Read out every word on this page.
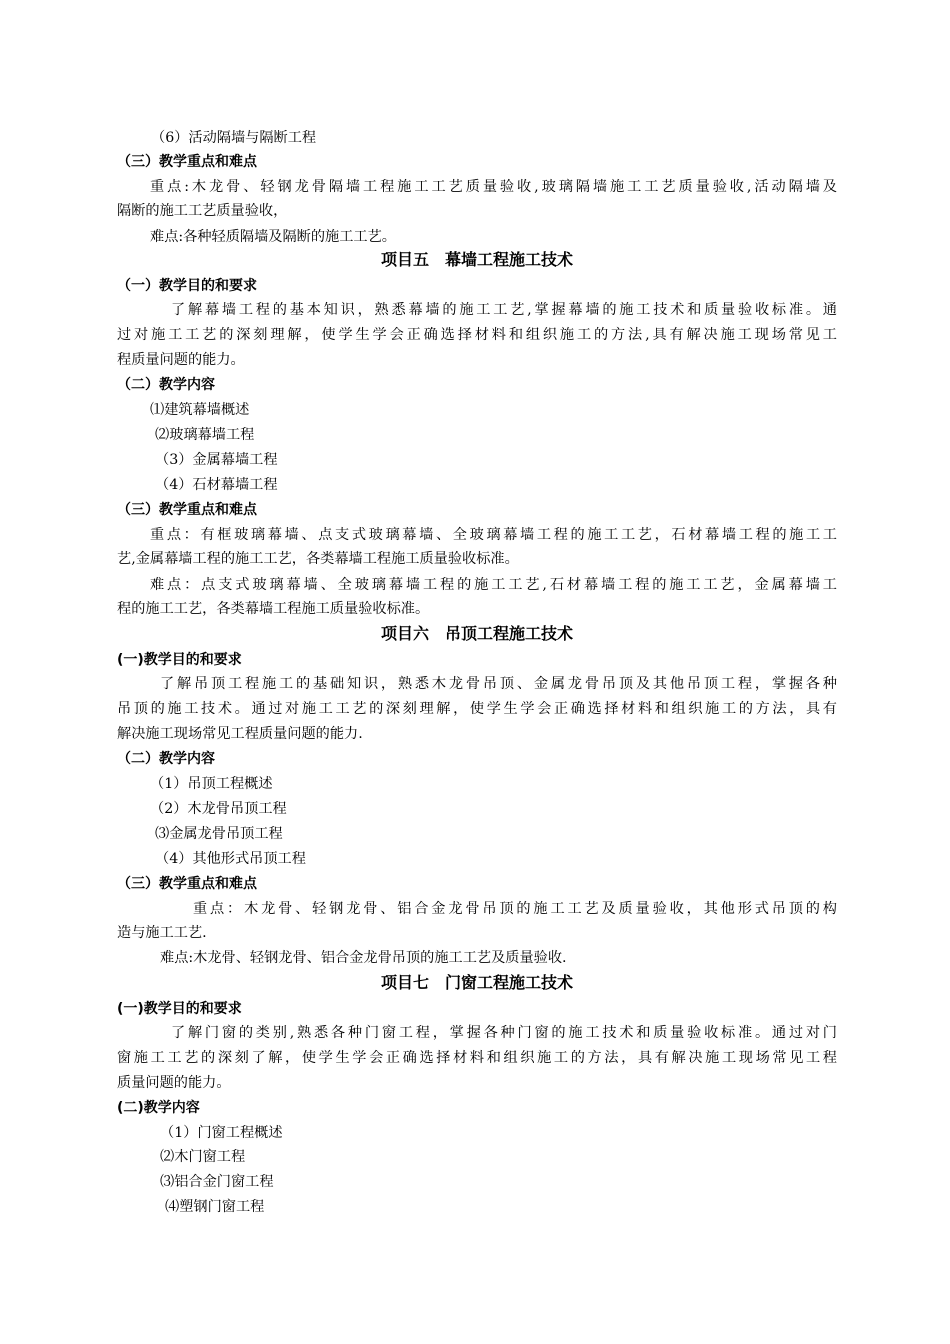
（6）活动隔墙与隔断工程
（三）教学重点和难点
重点:木龙骨、轻钢龙骨隔墙工程施工工艺质量验收,玻璃隔墙施工工艺质量验收,活动隔墙及
隔断的施工工艺质量验收，
难点:各种轻质隔墙及隔断的施工工艺。
项目五　幕墙工程施工技术
（一）教学目的和要求
了解幕墙工程的基本知识，熟悉幕墙的施工工艺,掌握幕墙的施工技术和质量验收标准。通
过对施工工艺的深刻理解，使学生学会正确选择材料和组织施工的方法,具有解决施工现场常见工
程质量问题的能力。
（二）教学内容
⑴建筑幕墙概述
⑵玻璃幕墙工程
（3）金属幕墙工程
（4）石材幕墙工程
（三）教学重点和难点
重点：有框玻璃幕墙、点支式玻璃幕墙、全玻璃幕墙工程的施工工艺，石材幕墙工程的施工工
艺,金属幕墙工程的施工工艺，各类幕墙工程施工质量验收标准。
难点：点支式玻璃幕墙、全玻璃幕墙工程的施工工艺,石材幕墙工程的施工工艺，金属幕墙工
程的施工工艺，各类幕墙工程施工质量验收标准。
项目六　吊顶工程施工技术
(一)教学目的和要求
了解吊顶工程施工的基础知识，熟悉木龙骨吊顶、金属龙骨吊顶及其他吊顶工程，掌握各种
吊顶的施工技术。通过对施工工艺的深刻理解，使学生学会正确选择材料和组织施工的方法，具有
解决施工现场常见工程质量问题的能力.
（二）教学内容
（1）吊顶工程概述
（2）木龙骨吊顶工程
⑶金属龙骨吊顶工程
（4）其他形式吊顶工程
（三）教学重点和难点
重点：木龙骨、轻钢龙骨、铝合金龙骨吊顶的施工工艺及质量验收，其他形式吊顶的构
造与施工工艺.
难点:木龙骨、轻钢龙骨、铝合金龙骨吊顶的施工工艺及质量验收.
项目七　门窗工程施工技术
(一)教学目的和要求
了解门窗的类别,熟悉各种门窗工程，掌握各种门窗的施工技术和质量验收标准。通过对门
窗施工工艺的深刻了解，使学生学会正确选择材料和组织施工的方法，具有解决施工现场常见工程
质量问题的能力。
(二)教学内容
（1）门窗工程概述
⑵木门窗工程
⑶铝合金门窗工程
⑷塑钢门窗工程
